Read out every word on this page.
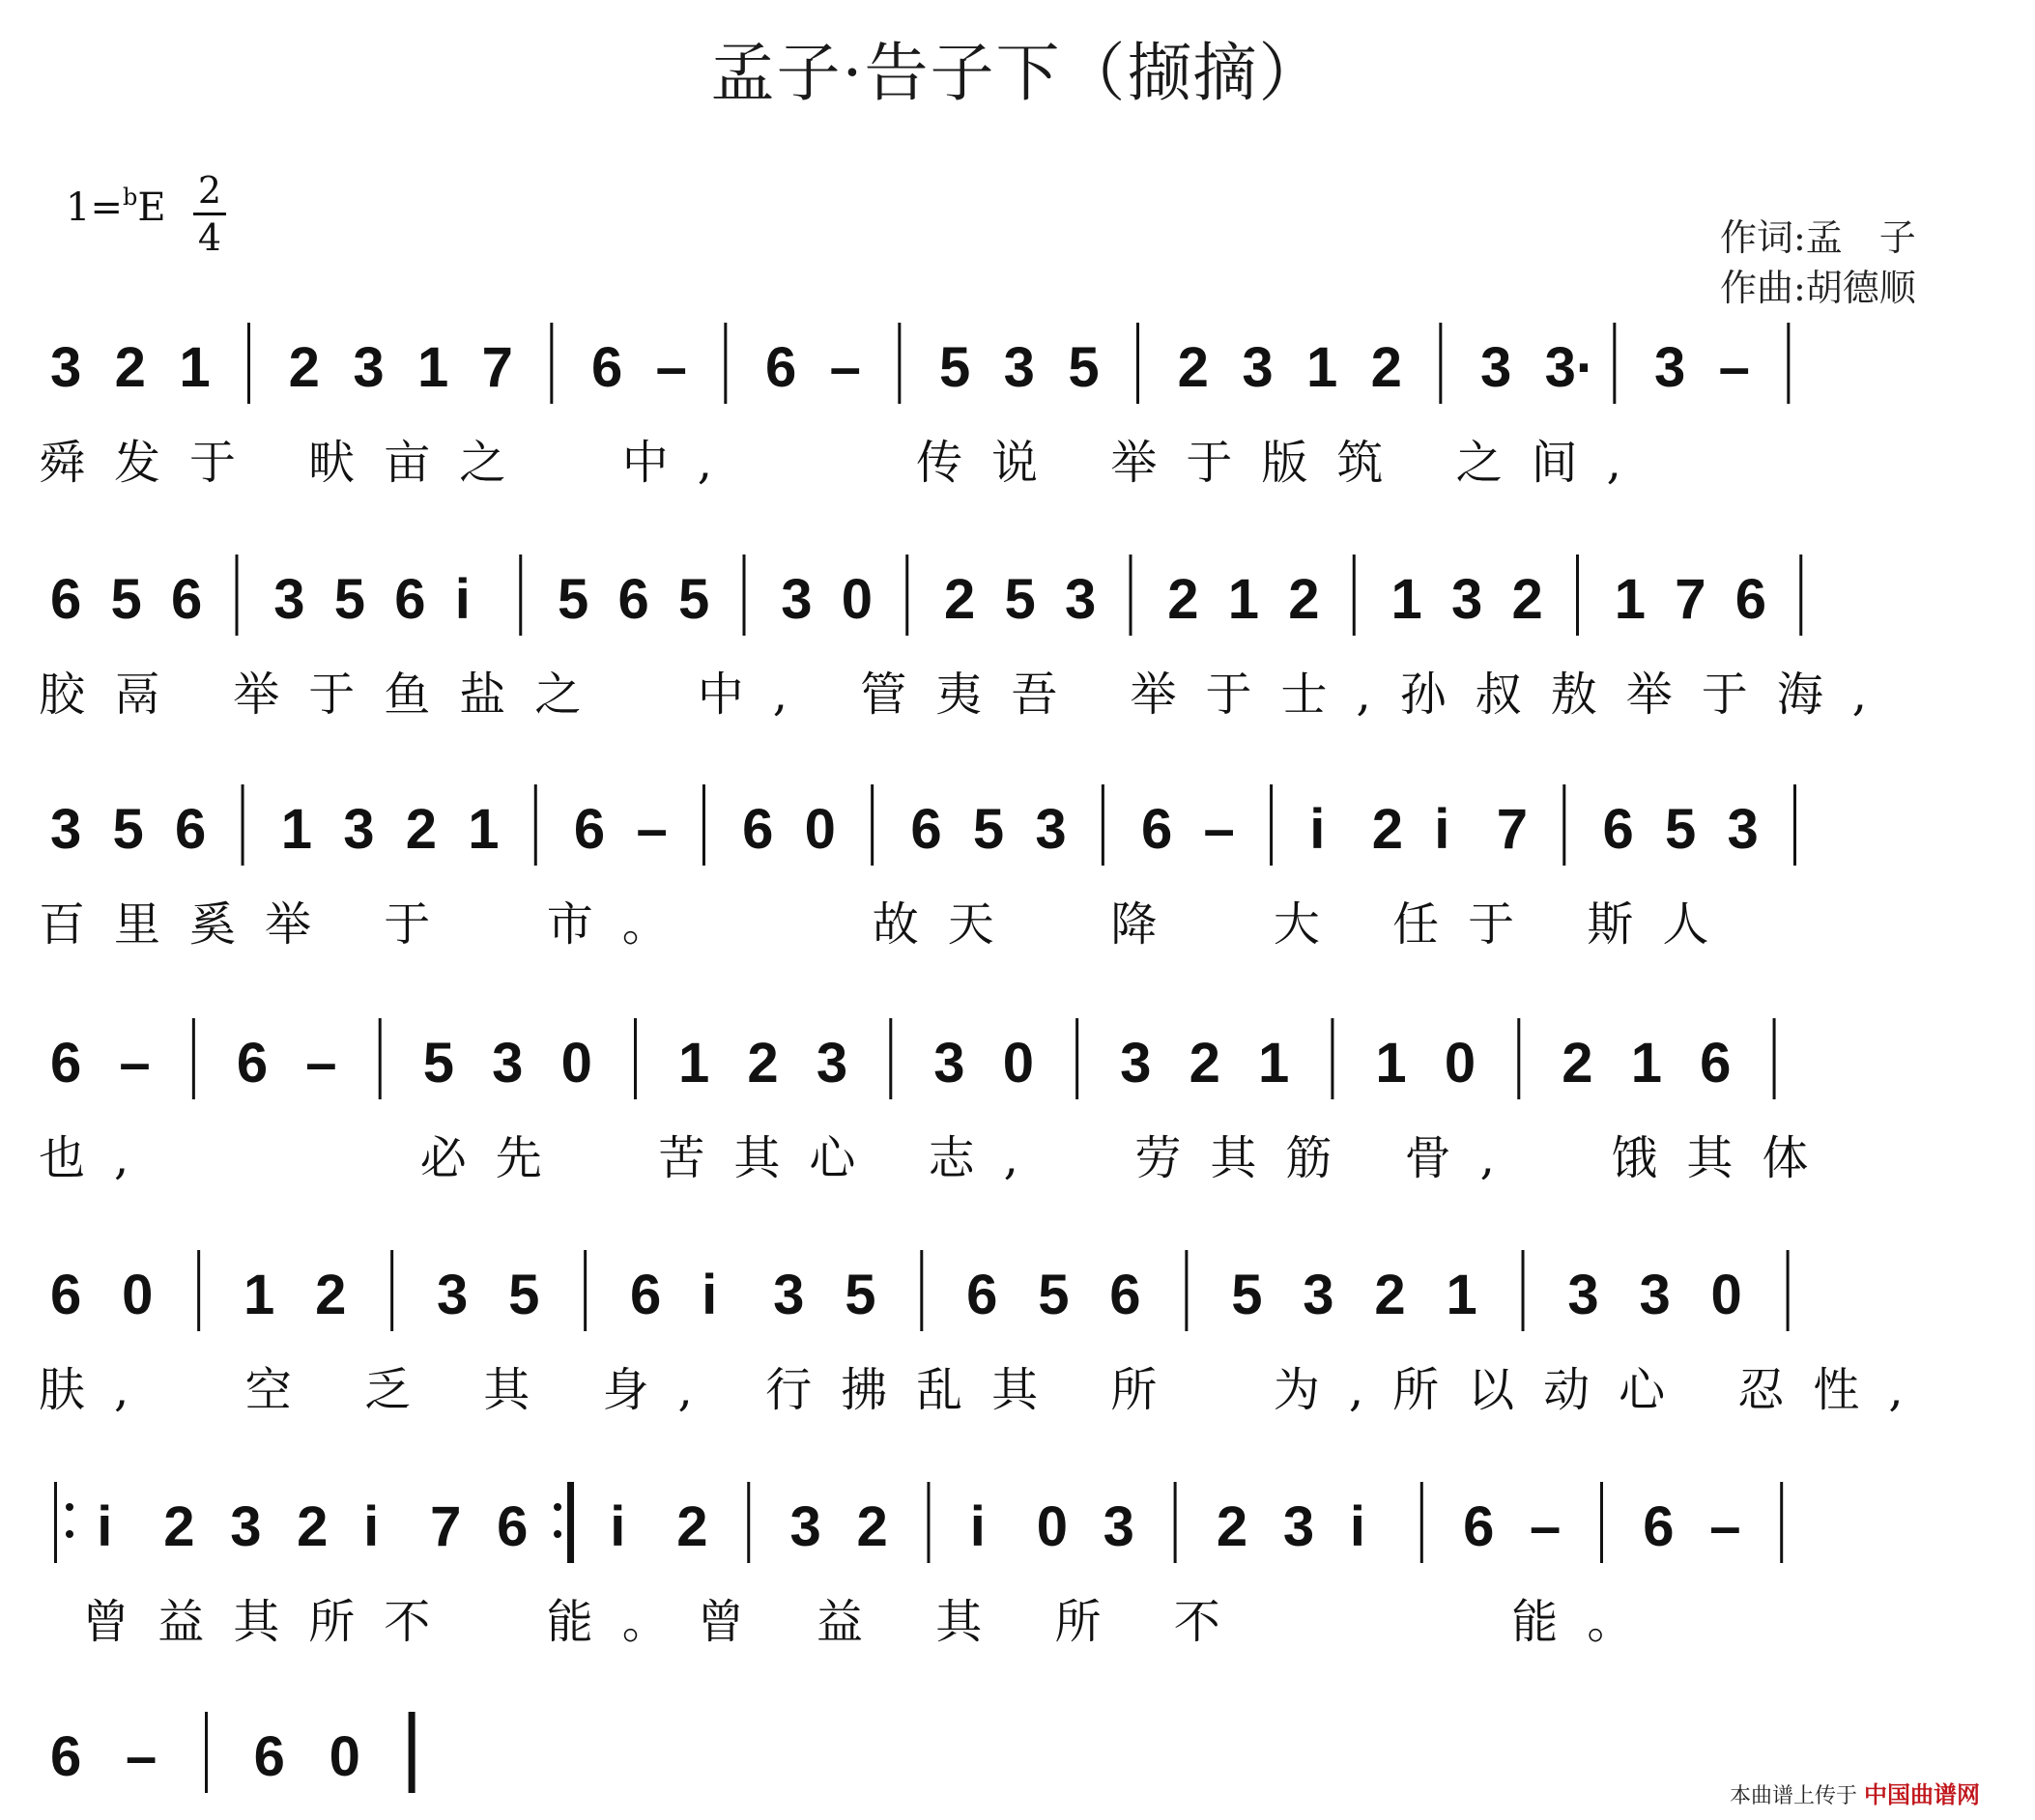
孟子·告子下（撷摘）
1=$^b$E 2
4	作词:孟　子
作曲:胡德顺
3 2 1 2 3 1 7 6 – 6 – 5 3 5 2 3 1 2 3 3· 3 –
舜发于 畎亩之  中,    传说 举于版筑 之间,
6 5 6 3 5 6 i 5 6 5 3 0 2 5 3 2 1 2 1 3 2 1 7 6
胶鬲 举于鱼盐之  中, 管夷吾 举于士,孙叔敖举于海,
3 5 6 1 3 2 1 6 – 6 0 6 5 3 6 – i 2 i 7 6 5 3
百里奚举 于  市。    故天  降  大 任于 斯人
6 – 6 – 5 3 0 1 2 3 3 0 3 2 1 1 0 2 1 6
也,      必先  苦其心 志,  劳其筋 骨,  饿其体
6 0 1 2 3 5 6 i 3 5 6 5 6 5 3 2 1 3 3 0
肤,  空 乏 其 身, 行拂乱其 所  为,所以动心 忍性,
i 2 3 2 i 7 6 i 2 3 2 i 0 3 2 3 i 6 – 6 –
曾益其所不  能。曾 益 其 所 不      能。
6 – 6 0
本曲谱上传于 中国曲谱网
